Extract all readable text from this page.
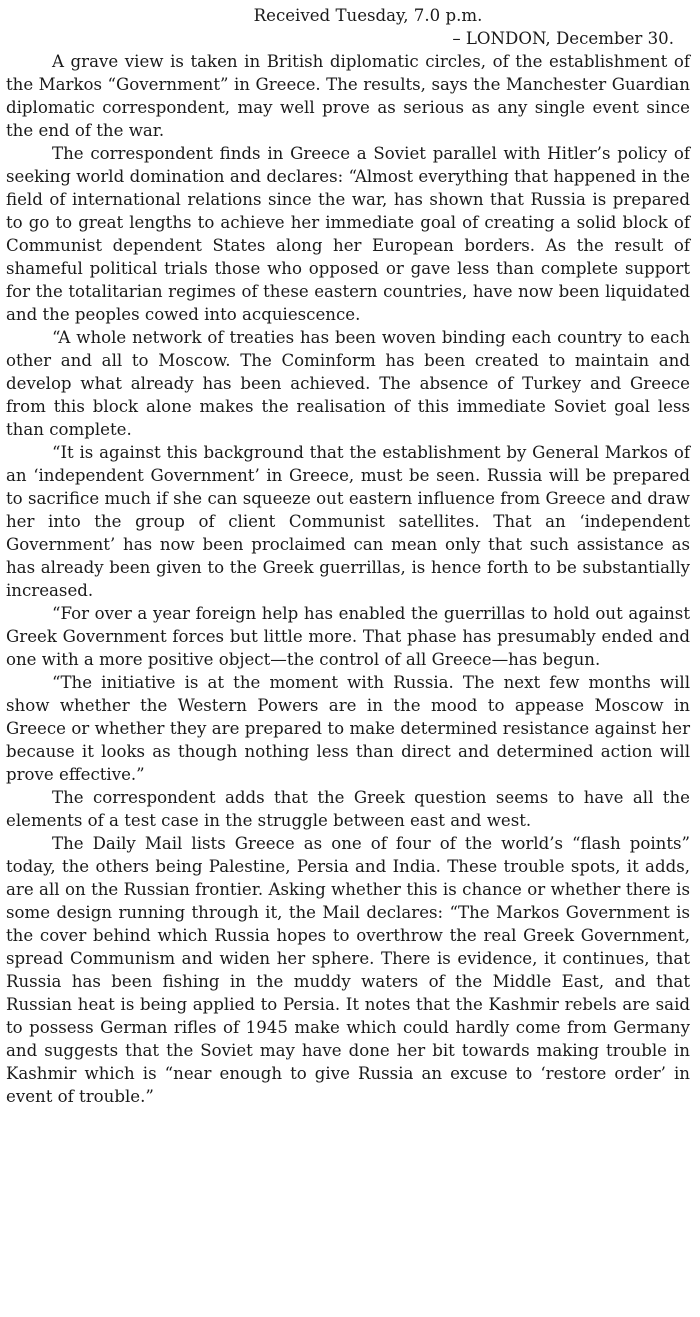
Received Tuesday, 7.0 p.m.

– LONDON, December 30.

A grave view is taken in British diplomatic circles, of the establishment of the Markos “Government” in Greece. The results, says the Manchester Guardian diplomatic correspondent, may well prove as serious as any single event since the end of the war.

The correspondent finds in Greece a Soviet parallel with Hitler’s policy of seeking world domination and declares: “Almost everything that happened in the field of international relations since the war, has shown that Russia is prepared to go to great lengths to achieve her immediate goal of creating a solid block of Communist dependent States along her European borders. As the result of shameful political trials those who opposed or gave less than complete support for the totalitarian regimes of these eastern countries, have now been liquidated and the peoples cowed into acquiescence.

“A whole network of treaties has been woven binding each country to each other and all to Moscow. The Cominform has been created to maintain and develop what already has been achieved. The absence of Turkey and Greece from this block alone makes the realisation of this immediate Soviet goal less than complete.

“It is against this background that the establishment by General Markos of an ‘independent Government’ in Greece, must be seen. Russia will be prepared to sacrifice much if she can squeeze out eastern influence from Greece and draw her into the group of client Communist satellites. That an ‘independent Government’ has now been proclaimed can mean only that such assistance as has already been given to the Greek guerrillas, is hence forth to be substantially increased.

“For over a year foreign help has enabled the guerrillas to hold out against Greek Government forces but little more. That phase has presumably ended and one with a more positive object—the control of all Greece—has begun.

“The initiative is at the moment with Russia. The next few months will show whether the Western Powers are in the mood to appease Moscow in Greece or whether they are prepared to make determined resistance against her because it looks as though nothing less than direct and determined action will prove effective.”

The correspondent adds that the Greek question seems to have all the elements of a test case in the struggle between east and west.

The Daily Mail lists Greece as one of four of the world’s “flash points” today, the others being Palestine, Persia and India. These trouble spots, it adds, are all on the Russian frontier. Asking whether this is chance or whether there is some design running through it, the Mail declares: “The Markos Government is the cover behind which Russia hopes to overthrow the real Greek Government, spread Communism and widen her sphere. There is evidence, it continues, that Russia has been fishing in the muddy waters of the Middle East, and that Russian heat is being applied to Persia. It notes that the Kashmir rebels are said to possess German rifles of 1945 make which could hardly come from Germany and suggests that the Soviet may have done her bit towards making trouble in Kashmir which is “near enough to give Russia an excuse to ‘restore order’ in event of trouble.”
